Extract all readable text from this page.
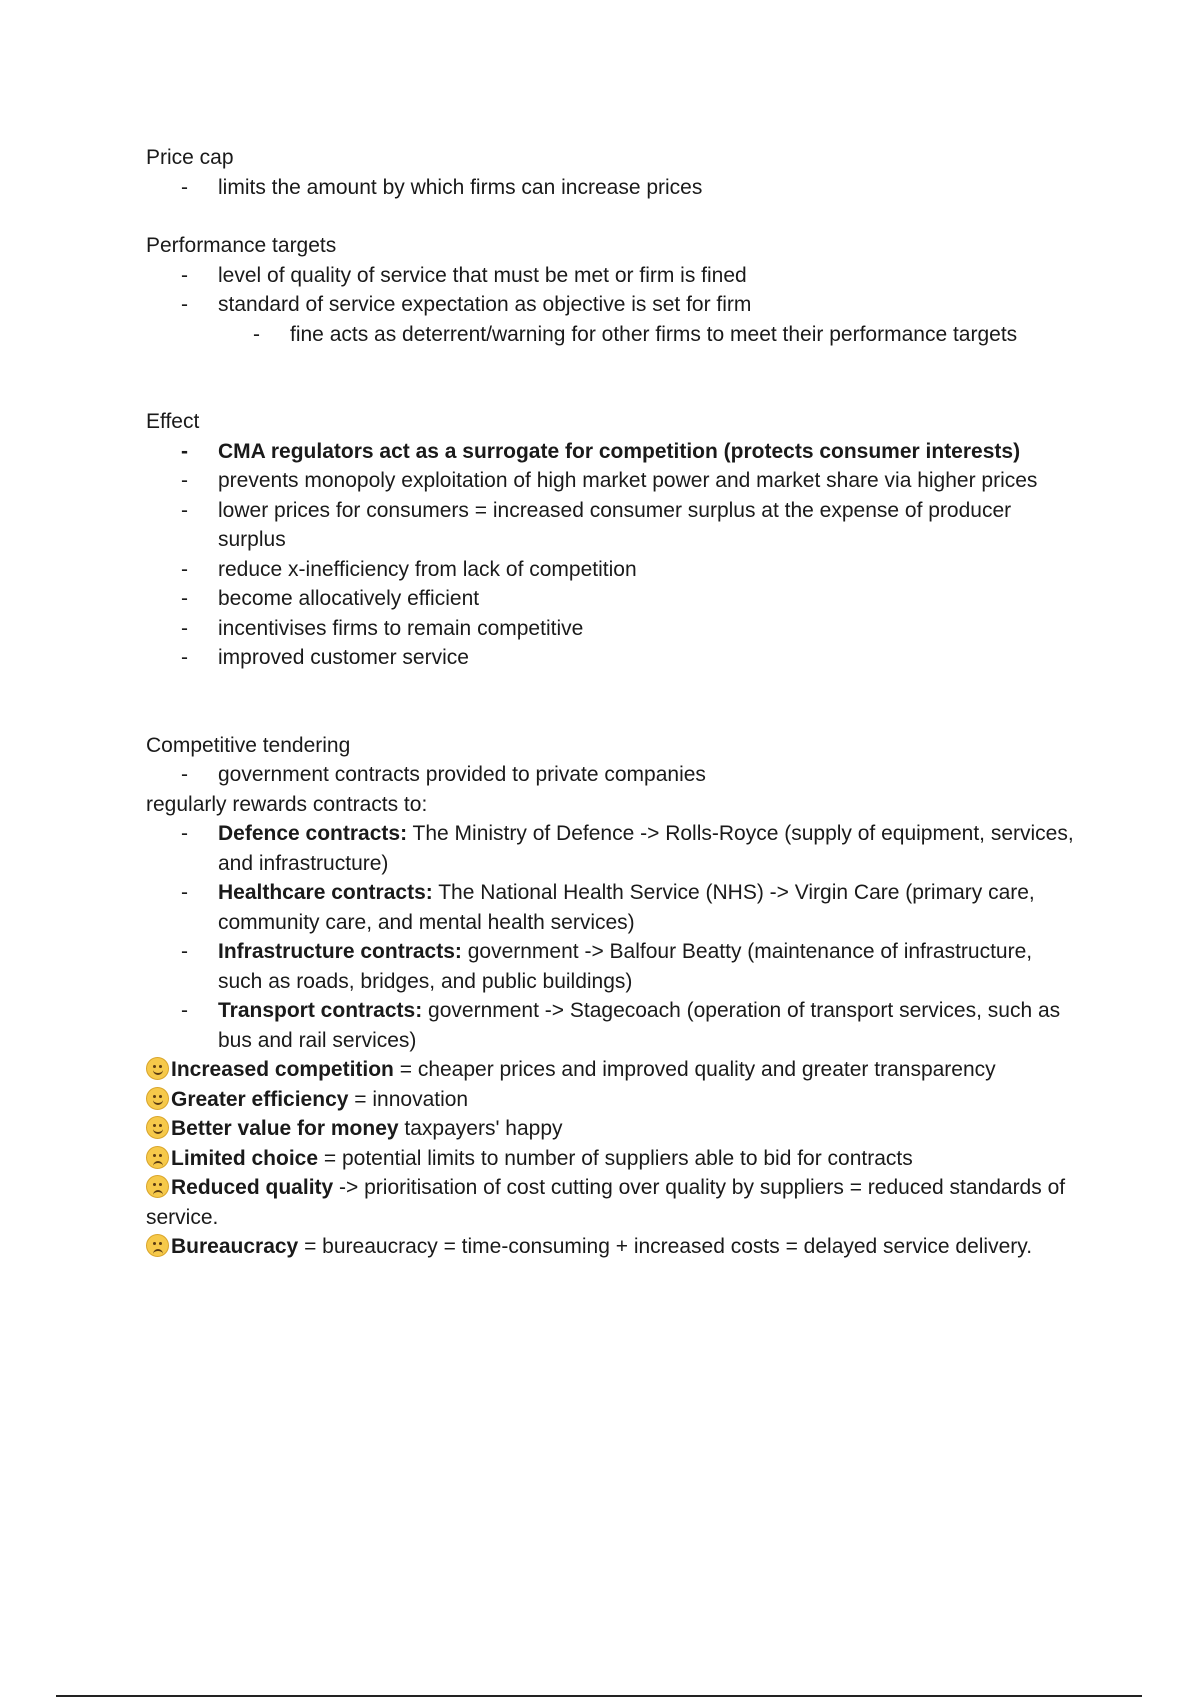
Price cap

- limits the amount by which firms can increase prices

Performance targets

- level of quality of service that must be met or firm is fined
- standard of service expectation as objective is set for firm
- fine acts as deterrent/warning for other firms to meet their performance targets

Effect

- CMA regulators act as a surrogate for competition (protects consumer interests)
- prevents monopoly exploitation of high market power and market share via higher prices
- lower prices for consumers = increased consumer surplus at the expense of producer surplus
- reduce x-inefficiency from lack of competition
- become allocatively efficient
- incentivises firms to remain competitive
- improved customer service

Competitive tendering

- government contracts provided to private companies

regularly rewards contracts to:

- Defence contracts: The Ministry of Defence -> Rolls-Royce (supply of equipment, services, and infrastructure)
- Healthcare contracts: The National Health Service (NHS) -> Virgin Care (primary care, community care, and mental health services)
- Infrastructure contracts: government -> Balfour Beatty (maintenance of infrastructure, such as roads, bridges, and public buildings)
- Transport contracts: government -> Stagecoach (operation of transport services, such as bus and rail services)

Increased competition = cheaper prices and improved quality and greater transparency

Greater efficiency = innovation

Better value for money taxpayers' happy

Limited choice = potential limits to number of suppliers able to bid for contracts

Reduced quality -> prioritisation of cost cutting over quality by suppliers = reduced standards of service.

Bureaucracy = bureaucracy = time-consuming + increased costs = delayed service delivery.
